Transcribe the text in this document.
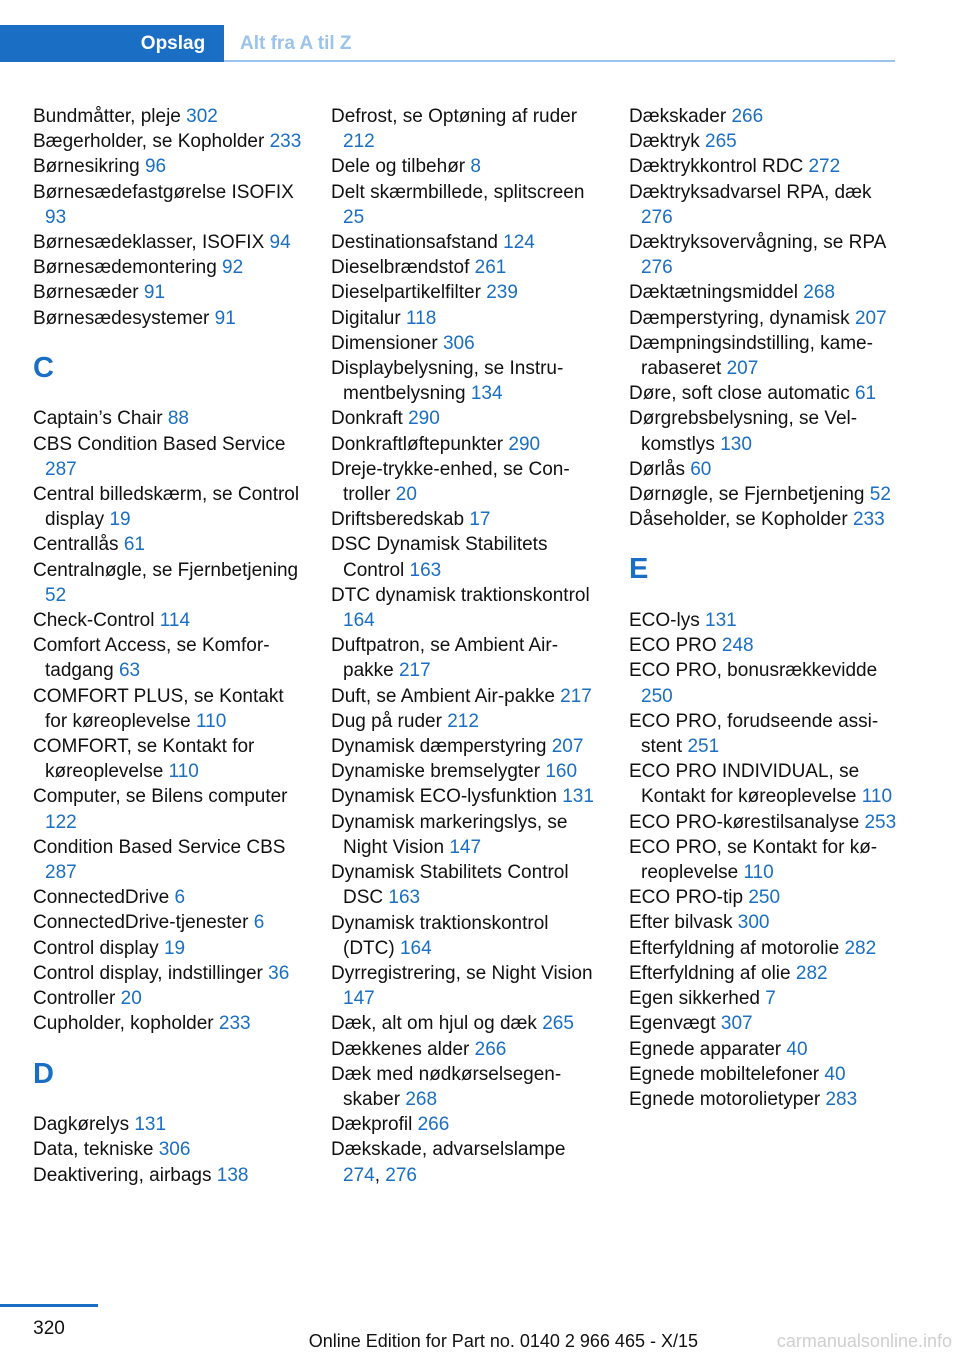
Opslag	Alt fra A til Z
Bundmåtter, pleje 302
Bægerholder, se Kopholder 233
Børnesikring 96
Børnesædefastgørelse ISOFIX 93
Børnesædeklasser, ISOFIX 94
Børnesædemontering 92
Børnesæder 91
Børnesædesystemer 91
C
Captain’s Chair 88
CBS Condition Based Service 287
Central billedskærm, se Control display 19
Centrallås 61
Centralnøgle, se Fjernbetjening 52
Check-Control 114
Comfort Access, se Komfortadgang 63
COMFORT PLUS, se Kontakt for køreoplevelse 110
COMFORT, se Kontakt for køreoplevelse 110
Computer, se Bilens computer 122
Condition Based Service CBS 287
ConnectedDrive 6
ConnectedDrive-tjenester 6
Control display 19
Control display, indstillinger 36
Controller 20
Cupholder, kopholder 233
D
Dagkørelys 131
Data, tekniske 306
Deaktivering, airbags 138
Defrost, se Optøning af ruder 212
Dele og tilbehør 8
Delt skærmbillede, splitscreen 25
Destinationsafstand 124
Dieselbrændstof 261
Dieselpartikelfilter 239
Digitalur 118
Dimensioner 306
Displaybelysning, se Instrumentbelysning 134
Donkraft 290
Donkraftløftepunkter 290
Dreje-trykke-enhed, se Controller 20
Driftsberedskab 17
DSC Dynamisk Stabilitets Control 163
DTC dynamisk traktionskontrol 164
Duftpatron, se Ambient Air-pakke 217
Duft, se Ambient Air-pakke 217
Dug på ruder 212
Dynamisk dæmperstyring 207
Dynamiske bremselygter 160
Dynamisk ECO-lysfunktion 131
Dynamisk markeringslys, se Night Vision 147
Dynamisk Stabilitets Control DSC 163
Dynamisk traktionskontrol (DTC) 164
Dyrregistrering, se Night Vision 147
Dæk, alt om hjul og dæk 265
Dækkenes alder 266
Dæk med nødkørselsegenskaber 268
Dækprofil 266
Dækskade, advarselslampe 274, 276
Dækskader 266
Dæktryk 265
Dæktrykkontrol RDC 272
Dæktryksadvarsel RPA, dæk 276
Dæktryksovervågning, se RPA 276
Dæktætningsmiddel 268
Dæmperstyring, dynamisk 207
Dæmpningsindstilling, kamerabaseret 207
Døre, soft close automatic 61
Dørgrebsbelysning, se Velkomstlys 130
Dørlås 60
Dørnøgle, se Fjernbetjening 52
Dåseholder, se Kopholder 233
E
ECO-lys 131
ECO PRO 248
ECO PRO, bonusrækkevidde 250
ECO PRO, forudseende assistent 251
ECO PRO INDIVIDUAL, se Kontakt for køreoplevelse 110
ECO PRO-kørestilsanalyse 253
ECO PRO, se Kontakt for køreoplevelse 110
ECO PRO-tip 250
Efter bilvask 300
Efterfyldning af motorolie 282
Efterfyldning af olie 282
Egen sikkerhed 7
Egenvægt 307
Egnede apparater 40
Egnede mobiltelefoner 40
Egnede motorolietyper 283
320
carmanualsonline.info
Online Edition for Part no. 0140 2 966 465 - X/15
